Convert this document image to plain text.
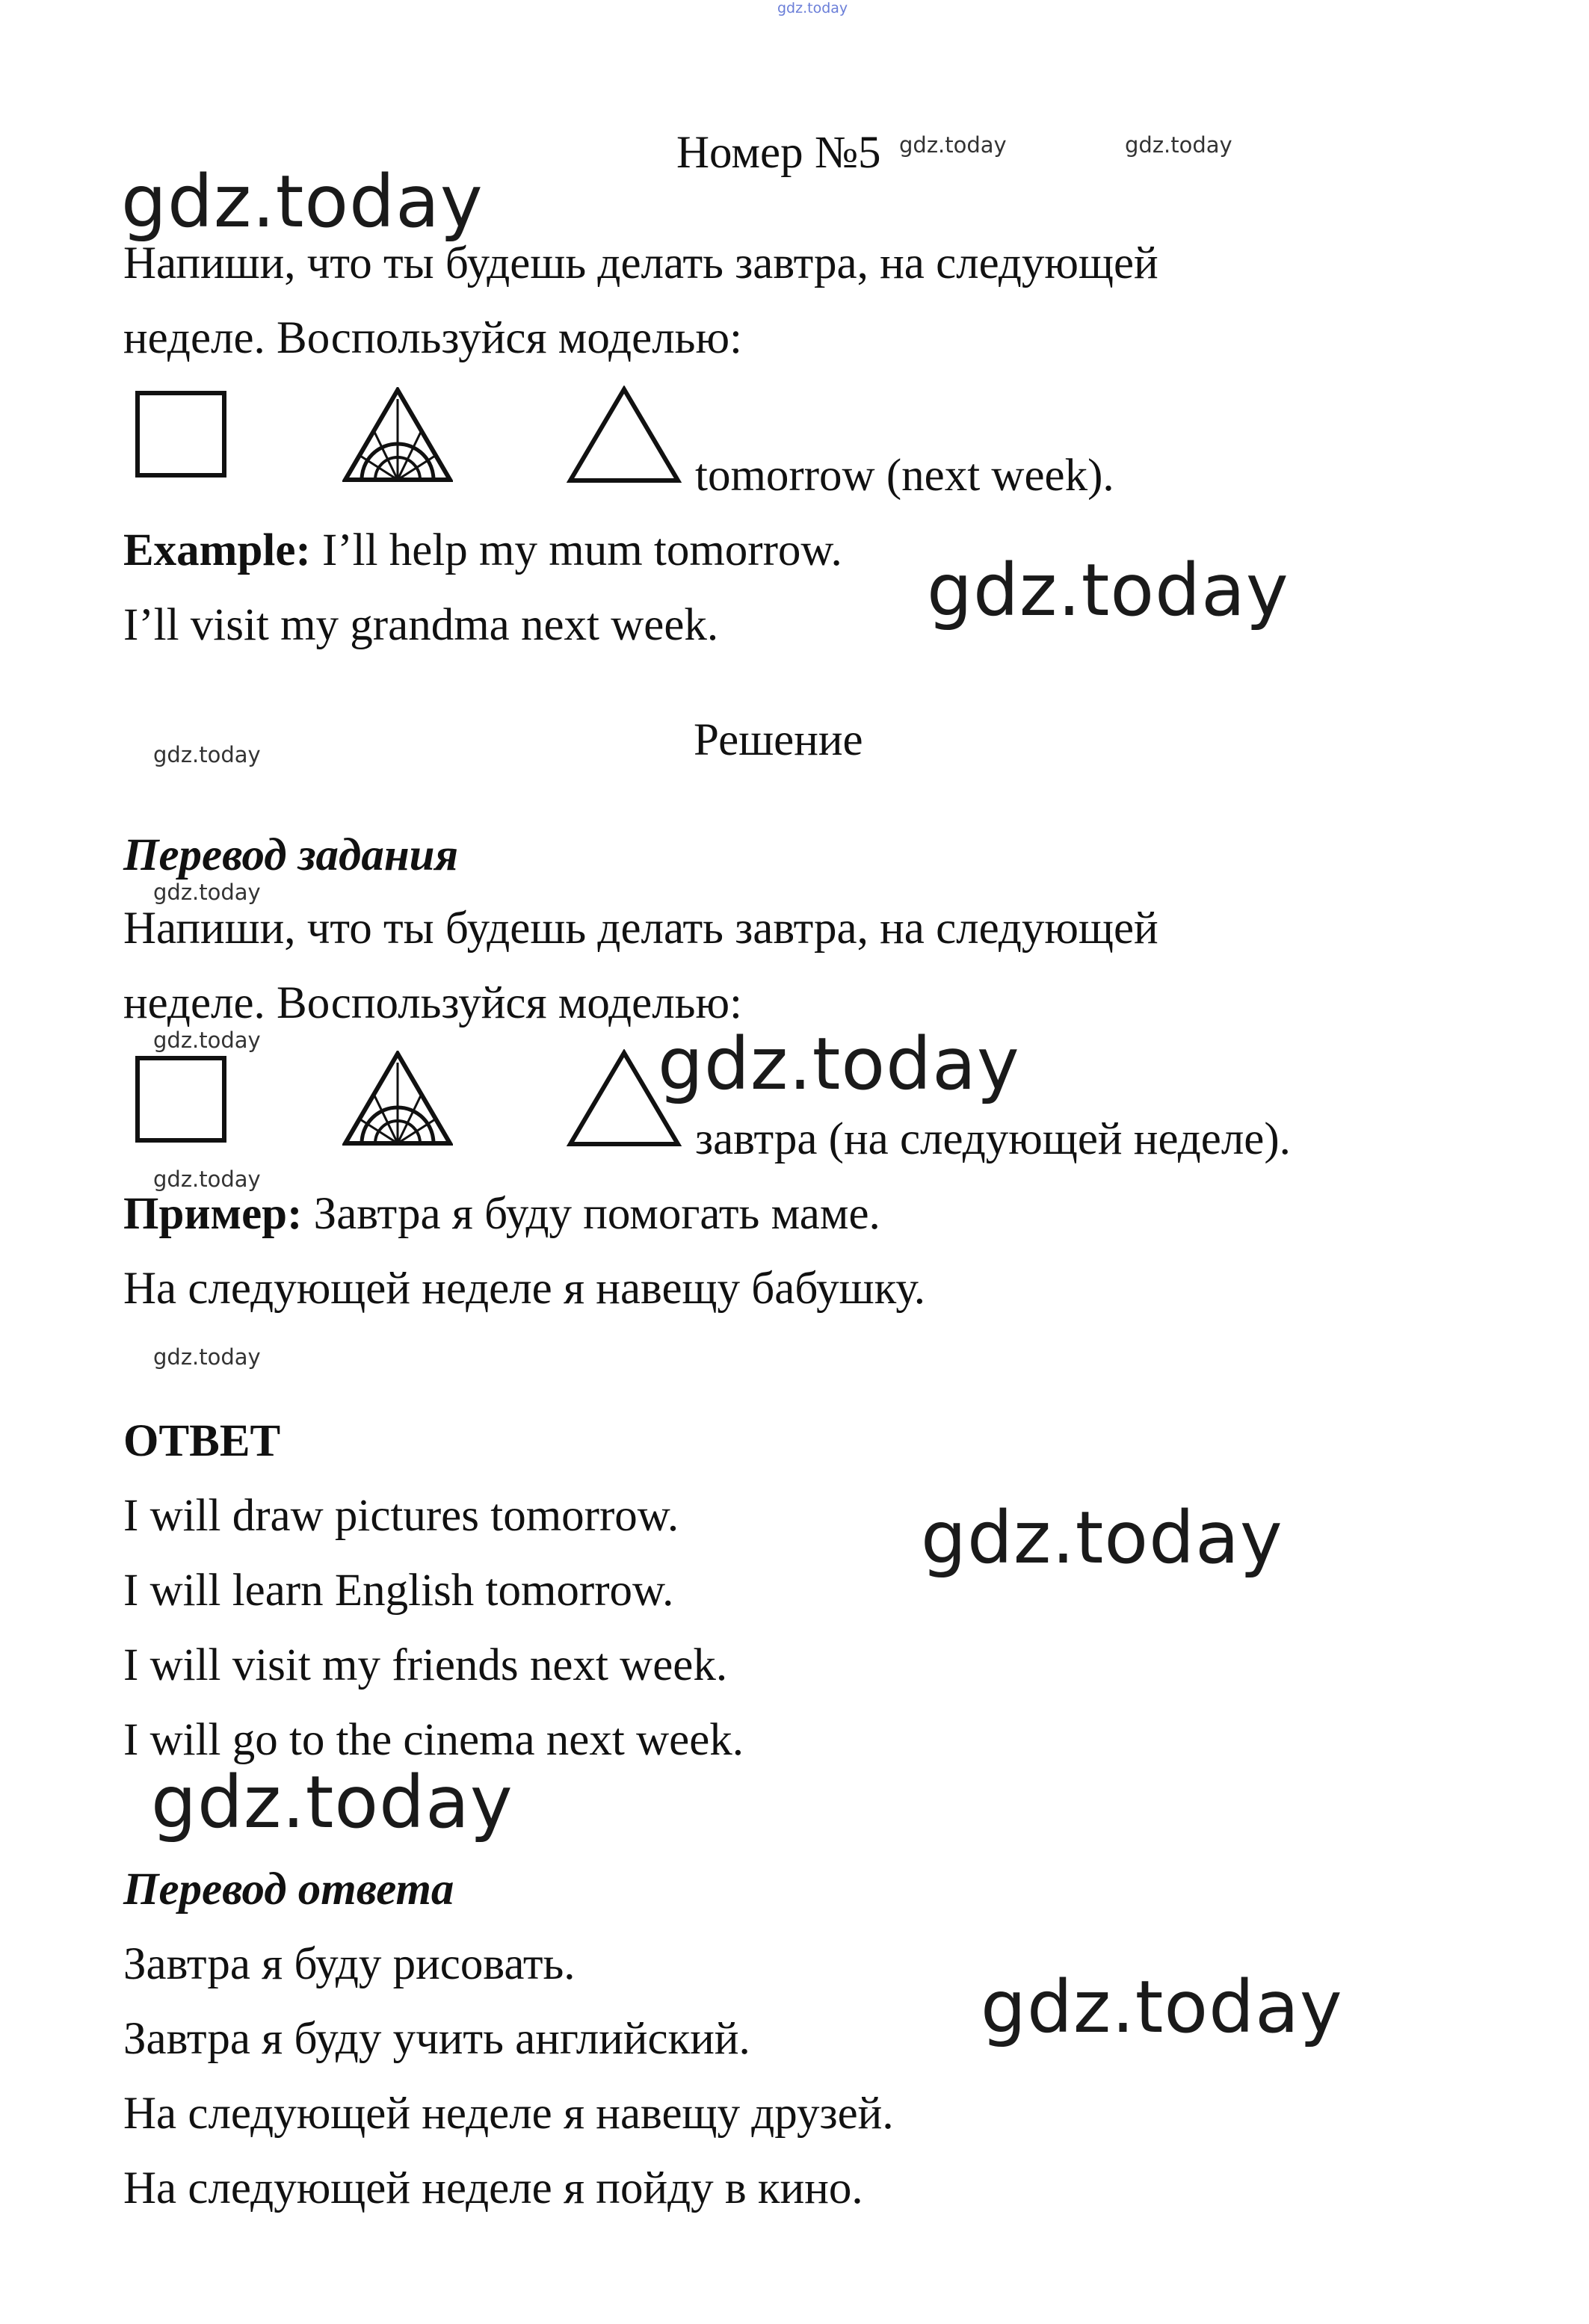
gdz.today
Номер №5 gdz.today	gdz.today
gdz.today
Напиши, что ты будешь делать завтра, на следующей
неделе. Воспользуйся моделью:
tomorrow (next week).
Example: I’ll help my mum tomorrow. gdz.today
I’ll visit my grandma next week.
gdz.today	Решение
Перевод задания
gdz.today
Напиши, что ты будешь делать завтра, на следующей
неделе. Воспользуйся моделью:
gdz.today	gdz.today
завтра (на следующей неделе).
gdz.today
Пример: Завтра я буду помогать маме.
На следующей неделе я навещу бабушку.
gdz.today
ОТВЕТ
I will draw pictures tomorrow.	gdz.today
I will learn English tomorrow.
I will visit my friends next week.
I will go to the cinema next week.
gdz.today
Перевод ответа
Завтра я буду рисовать.
gdz.today
Завтра я буду учить английский.
На следующей неделе я навещу друзей.
На следующей неделе я пойду в кино.
